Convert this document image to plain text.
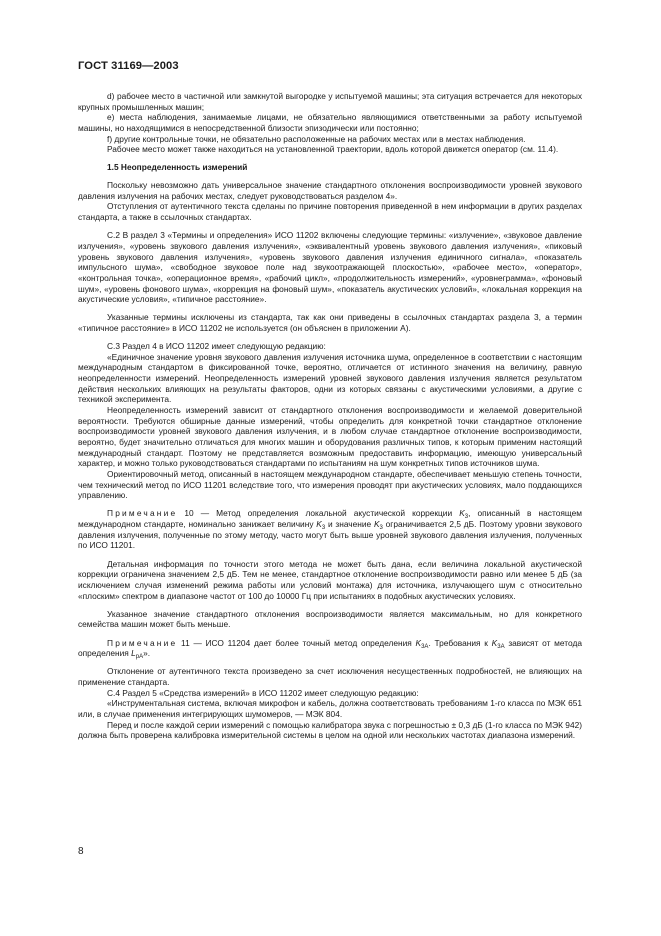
ГОСТ 31169—2003

d) рабочее место в частичной или замкнутой выгородке у испытуемой машины; эта ситуация встречается для некоторых крупных промышленных машин;

e) места наблюдения, занимаемые лицами, не обязательно являющимися ответственными за работу испытуемой машины, но находящимися в непосредственной близости эпизодически или постоянно;

f) другие контрольные точки, не обязательно расположенные на рабочих местах или в местах наблюдения.

Рабочее место может также находиться на установленной траектории, вдоль которой движется оператор (см. 11.4).

1.5 Неопределенность измерений

Поскольку невозможно дать универсальное значение стандартного отклонения воспроизводимости уровней звукового давления излучения на рабочих местах, следует руководствоваться разделом 4».

Отступления от аутентичного текста сделаны по причине повторения приведенной в нем информации в других разделах стандарта, а также в ссылочных стандартах.

С.2 В раздел 3 «Термины и определения» ИСО 11202 включены следующие термины: «излучение», «звуковое давление излучения», «уровень звукового давления излучения», «эквивалентный уровень звукового давления излучения», «пиковый уровень звукового давления излучения», «уровень звукового давления излучения единичного сигнала», «показатель импульсного шума», «свободное звуковое поле над звукоотражающей плоскостью», «рабочее место», «оператор», «контрольная точка», «операционное время», «рабочий цикл», «продолжительность измерений», «уровнеграмма», «фоновый шум», «уровень фонового шума», «коррекция на фоновый шум», «показатель акустических условий», «локальная коррекция на акустические условия», «типичное расстояние».

Указанные термины исключены из стандарта, так как они приведены в ссылочных стандартах раздела 3, а термин «типичное расстояние» в ИСО 11202 не используется (он объяснен в приложении А).

С.3 Раздел 4 в ИСО 11202 имеет следующую редакцию:

«Единичное значение уровня звукового давления излучения источника шума, определенное в соответствии с настоящим международным стандартом в фиксированной точке, вероятно, отличается от истинного значения на величину, равную неопределенности измерений. Неопределенность измерений уровней звукового давления излучения является результатом действия нескольких влияющих на результаты факторов, одни из которых связаны с акустическими условиями, а другие с техникой эксперимента.

Неопределенность измерений зависит от стандартного отклонения воспроизводимости и желаемой доверительной вероятности. Требуются обширные данные измерений, чтобы определить для конкретной точки стандартное отклонение воспроизводимости уровней звукового давления излучения, и в любом случае стандартное отклонение воспроизводимости, вероятно, будет значительно отличаться для многих машин и оборудования различных типов, к которым применим настоящий международный стандарт. Поэтому не представляется возможным предоставить информацию, имеющую универсальный характер, и можно только руководствоваться стандартами по испытаниям на шум конкретных типов источников шума.

Ориентировочный метод, описанный в настоящем международном стандарте, обеспечивает меньшую степень точности, чем технический метод по ИСО 11201 вследствие того, что измерения проводят при акустических условиях, мало поддающихся управлению.

Примечание 10 — Метод определения локальной акустической коррекции $K_3$, описанный в настоящем международном стандарте, номинально занижает величину $K_3$ и значение $K_3$ ограничивается 2,5 дБ. Поэтому уровни звукового давления излучения, полученные по этому методу, часто могут быть выше уровней звукового давления излучения, полученных по ИСО 11201.

Детальная информация по точности этого метода не может быть дана, если величина локальной акустической коррекции ограничена значением 2,5 дБ. Тем не менее, стандартное отклонение воспроизводимости равно или менее 5 дБ (за исключением случая изменений режима работы или условий монтажа) для источника, излучающего шум с относительно «плоским» спектром в диапазоне частот от 100 до 10000 Гц при испытаниях в подобных акустических условиях.

Указанное значение стандартного отклонения воспроизводимости является максимальным, но для конкретного семейства машин может быть меньше.

Примечание 11 — ИСО 11204 дает более точный метод определения $K_{3A}$. Требования к $K_{3A}$ зависят от метода определения $L_{pA}$».

Отклонение от аутентичного текста произведено за счет исключения несущественных подробностей, не влияющих на применение стандарта.

С.4 Раздел 5 «Средства измерений» в ИСО 11202 имеет следующую редакцию:

«Инструментальная система, включая микрофон и кабель, должна соответствовать требованиям 1-го класса по МЭК 651 или, в случае применения интегрирующих шумомеров, — МЭК 804.

Перед и после каждой серии измерений с помощью калибратора звука с погрешностью ± 0,3 дБ (1-го класса по МЭК 942) должна быть проверена калибровка измерительной системы в целом на одной или нескольких частотах диапазона измерений.

8
